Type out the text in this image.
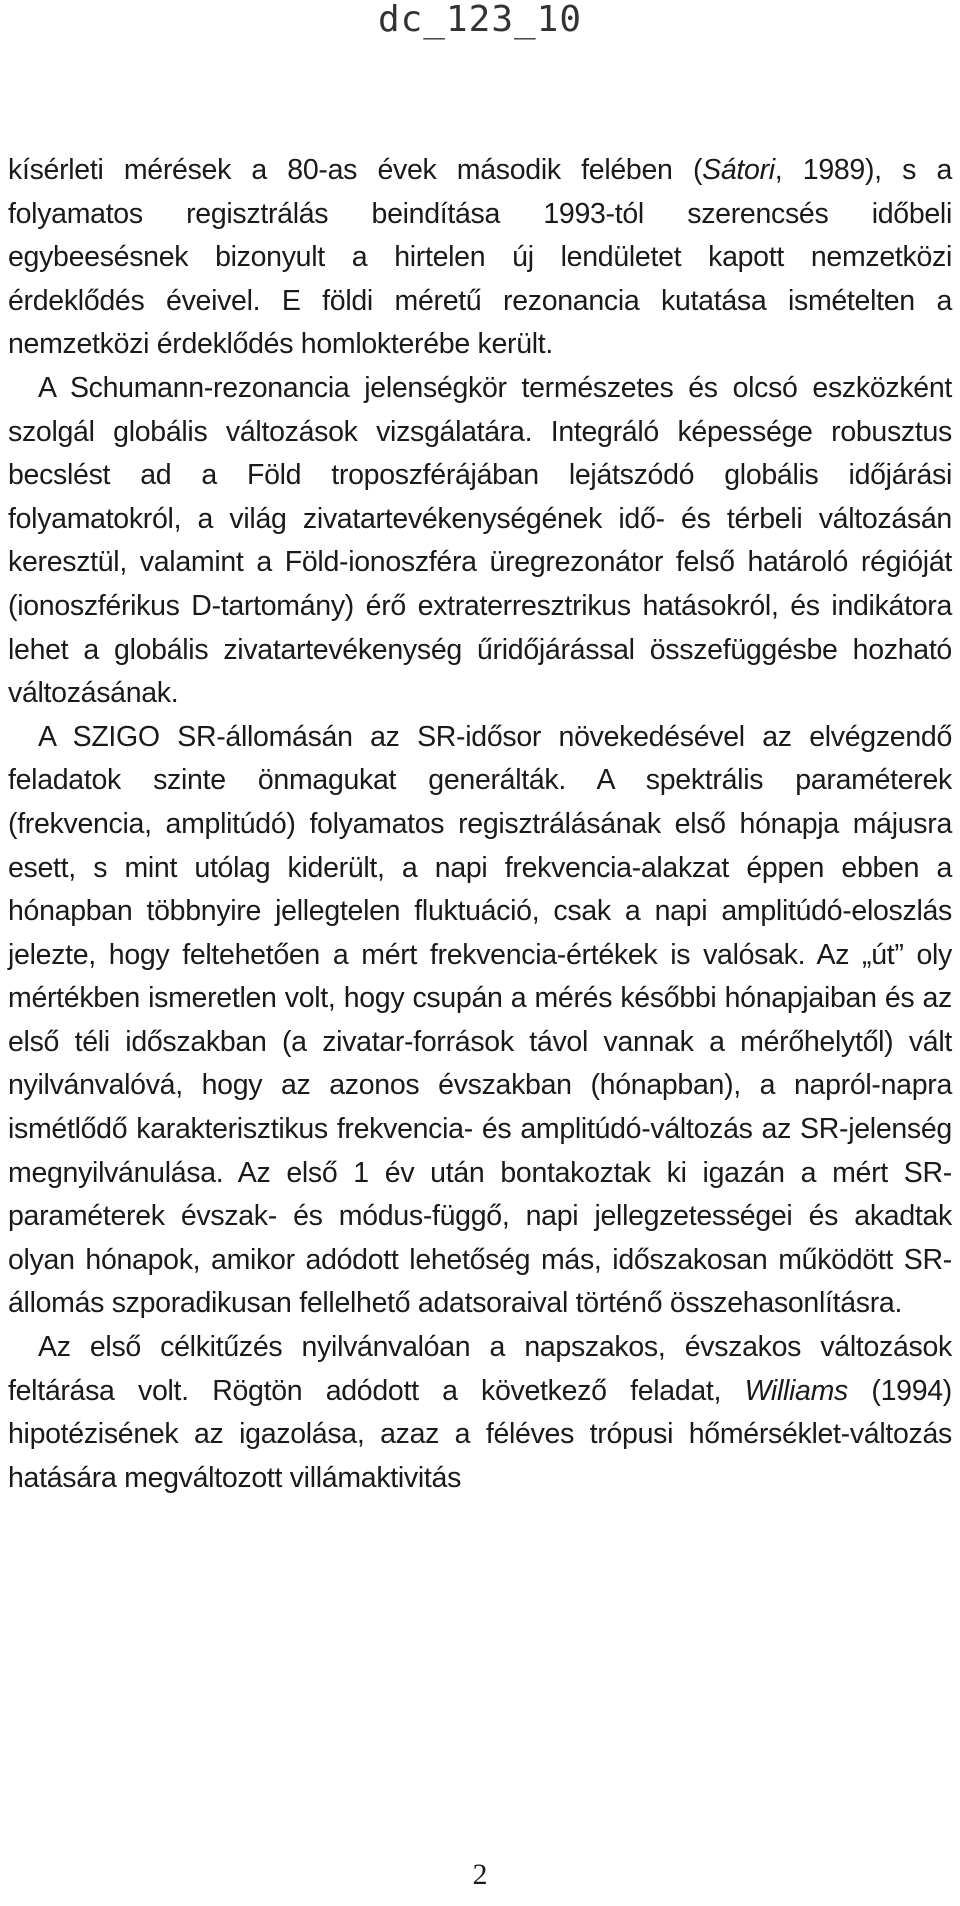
dc_123_10

kísérleti mérések a 80-as évek második felében (Sátori, 1989), s a folyamatos regisztrálás beindítása 1993-tól szerencsés időbeli egybeesésnek bizonyult a hirtelen új lendületet kapott nemzetközi érdeklődés éveivel. E földi méretű rezonancia kutatása ismételten a nemzetközi érdeklődés homlokterébe került.

A Schumann-rezonancia jelenségkör természetes és olcsó eszközként szolgál globális változások vizsgálatára. Integráló képessége robusztus becslést ad a Föld troposzférájában lejátszódó globális időjárási folyamatokról, a világ zivatartevékenységének idő- és térbeli változásán keresztül, valamint a Föld-ionoszféra üregrezonátor felső határoló régióját (ionoszférikus D-tartomány) érő extraterresztrikus hatásokról, és indikátora lehet a globális zivatartevékenység űridőjárással összefüggésbe hozható változásának.

A SZIGO SR-állomásán az SR-idősor növekedésével az elvégzendő feladatok szinte önmagukat generálták. A spektrális paraméterek (frekvencia, amplitúdó) folyamatos regisztrálásának első hónapja májusra esett, s mint utólag kiderült, a napi frekvencia-alakzat éppen ebben a hónapban többnyire jellegtelen fluktuáció, csak a napi amplitúdó-eloszlás jelezte, hogy feltehetően a mért frekvencia-értékek is valósak. Az „út” oly mértékben ismeretlen volt, hogy csupán a mérés későbbi hónapjaiban és az első téli időszakban (a zivatar-források távol vannak a mérőhelytől) vált nyilvánvalóvá, hogy az azonos évszakban (hónapban), a napról-napra ismétlődő karakterisztikus frekvencia- és amplitúdó-változás az SR-jelenség megnyilvánulása. Az első 1 év után bontakoztak ki igazán a mért SR-paraméterek évszak- és módus-függő, napi jellegzetességei és akadtak olyan hónapok, amikor adódott lehetőség más, időszakosan működött SR-állomás szporadikusan fellelhető adatsoraival történő összehasonlításra.

Az első célkitűzés nyilvánvalóan a napszakos, évszakos változások feltárása volt. Rögtön adódott a következő feladat, Williams (1994) hipotézisének az igazolása, azaz a féléves trópusi hőmérséklet-változás hatására megváltozott villámaktivitás

2
